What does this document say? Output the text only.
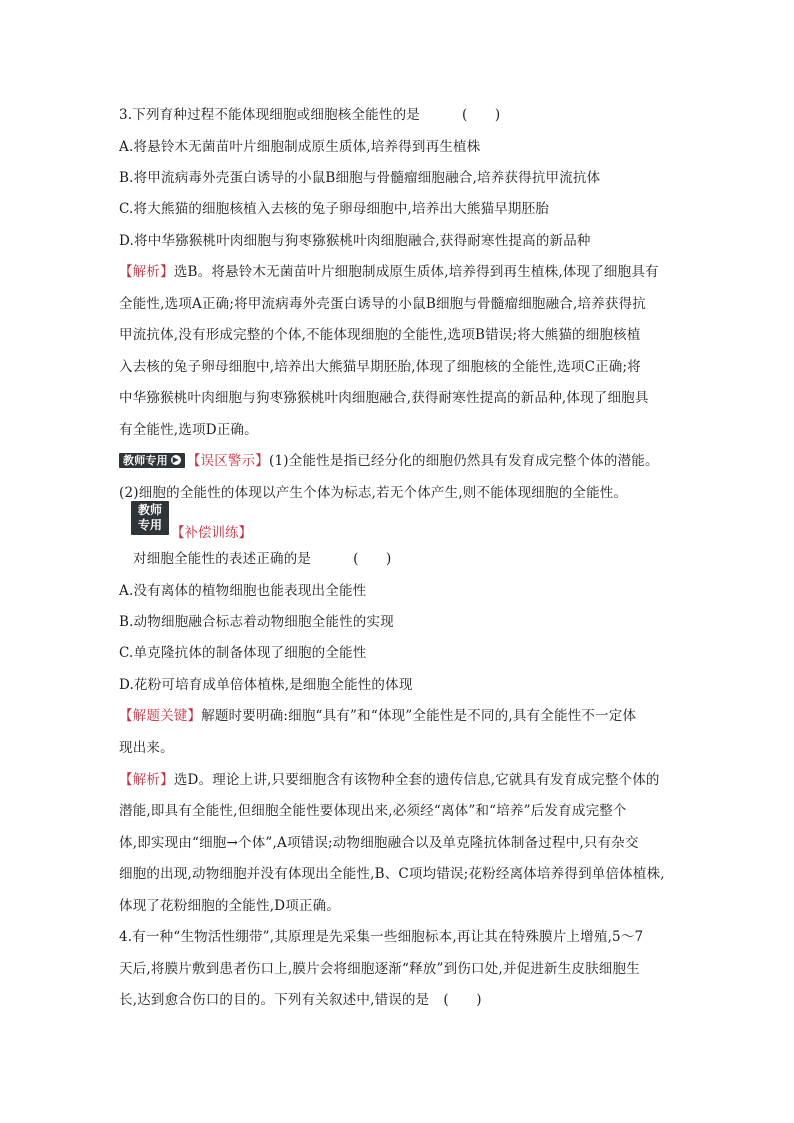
3.下列育种过程不能体现细胞或细胞核全能性的是	(　　)
A.将悬铃木无菌苗叶片细胞制成原生质体,培养得到再生植株
B.将甲流病毒外壳蛋白诱导的小鼠B细胞与骨髓瘤细胞融合,培养获得抗甲流抗体
C.将大熊猫的细胞核植入去核的兔子卵母细胞中,培养出大熊猫早期胚胎
D.将中华猕猴桃叶肉细胞与狗枣猕猴桃叶肉细胞融合,获得耐寒性提高的新品种
【解析】选B。将悬铃木无菌苗叶片细胞制成原生质体,培养得到再生植株,体现了细胞具有
全能性,选项A正确;将甲流病毒外壳蛋白诱导的小鼠B细胞与骨髓瘤细胞融合,培养获得抗
甲流抗体,没有形成完整的个体,不能体现细胞的全能性,选项B错误;将大熊猫的细胞核植
入去核的兔子卵母细胞中,培养出大熊猫早期胚胎,体现了细胞核的全能性,选项C正确;将
中华猕猴桃叶肉细胞与狗枣猕猴桃叶肉细胞融合,获得耐寒性提高的新品种,体现了细胞具
有全能性,选项D正确。
教师专用 ▶ 【误区警示】(1)全能性是指已经分化的细胞仍然具有发育成完整个体的潜能。
(2)细胞的全能性的体现以产生个体为标志,若无个体产生,则不能体现细胞的全能性。
教师
专用 【补偿训练】
对细胞全能性的表述正确的是	(　　)
A.没有离体的植物细胞也能表现出全能性
B.动物细胞融合标志着动物细胞全能性的实现
C.单克隆抗体的制备体现了细胞的全能性
D.花粉可培育成单倍体植株,是细胞全能性的体现
【解题关键】解题时要明确:细胞“具有”和“体现”全能性是不同的,具有全能性不一定体
现出来。
【解析】选D。理论上讲,只要细胞含有该物种全套的遗传信息,它就具有发育成完整个体的
潜能,即具有全能性,但细胞全能性要体现出来,必须经“离体”和“培养”后发育成完整个
体,即实现由“细胞→个体”,A项错误;动物细胞融合以及单克隆抗体制备过程中,只有杂交
细胞的出现,动物细胞并没有体现出全能性,B、C项均错误;花粉经离体培养得到单倍体植株,
体现了花粉细胞的全能性,D项正确。
4.有一种“生物活性绷带”,其原理是先采集一些细胞标本,再让其在特殊膜片上增殖,5～7
天后,将膜片敷到患者伤口上,膜片会将细胞逐渐“释放”到伤口处,并促进新生皮肤细胞生
长,达到愈合伤口的目的。下列有关叙述中,错误的是 (　　)
